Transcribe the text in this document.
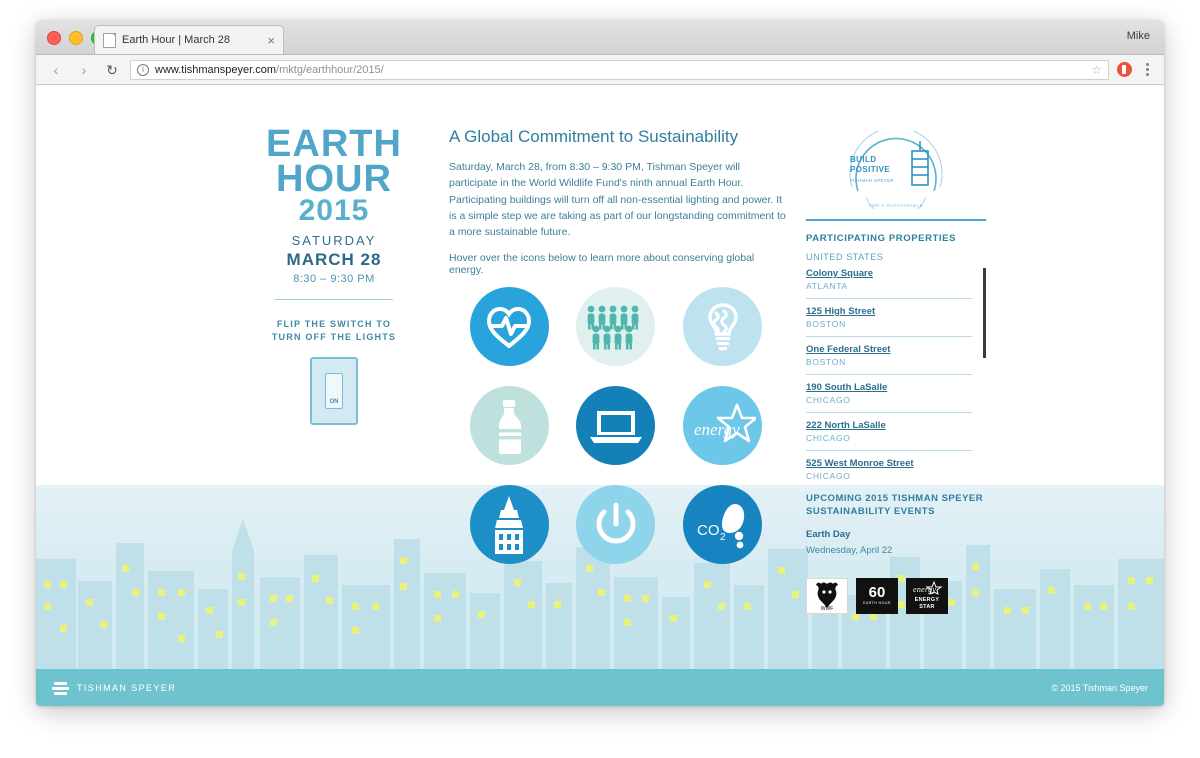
Earth Hour | March 28	×	Mike
‹	›	↻	i	www.tishmanspeyer.com /mktg/earthhour/2015/	☆
EARTH
HOUR
2015
SATURDAY
MARCH 28
8:30 – 9:30 PM
FLIP THE SWITCH TO
TURN OFF THE LIGHTS
ON
A Global Commitment to Sustainability

Saturday, March 28, from 8:30 – 9:30 PM, Tishman Speyer will participate in the World Wildlife Fund's ninth annual Earth Hour. Participating buildings will turn off all non-essential lighting and power. It is a simple step we are taking as part of our longstanding commitment to a more sustainable future.

Hover over the icons below to learn more about conserving global energy.

energy
CO 2
FOR A SUSTAINABLE
BUILD
POSITIVE
TISHMAN SPEYER
PARTICIPATING PROPERTIES
UNITED STATES
Colony Square
ATLANTA
125 High Street
BOSTON
One Federal Street
BOSTON
190 South LaSalle
CHICAGO
222 North LaSalle
CHICAGO
525 West Monroe Street
CHICAGO
UPCOMING 2015 TISHMAN SPEYER
SUSTAINABILITY EVENTS
Earth Day
Wednesday, April 22
WWF
60
EARTH HOUR
energy
ENERGY STAR
TISHMAN SPEYER	© 2015 Tishman Speyer
